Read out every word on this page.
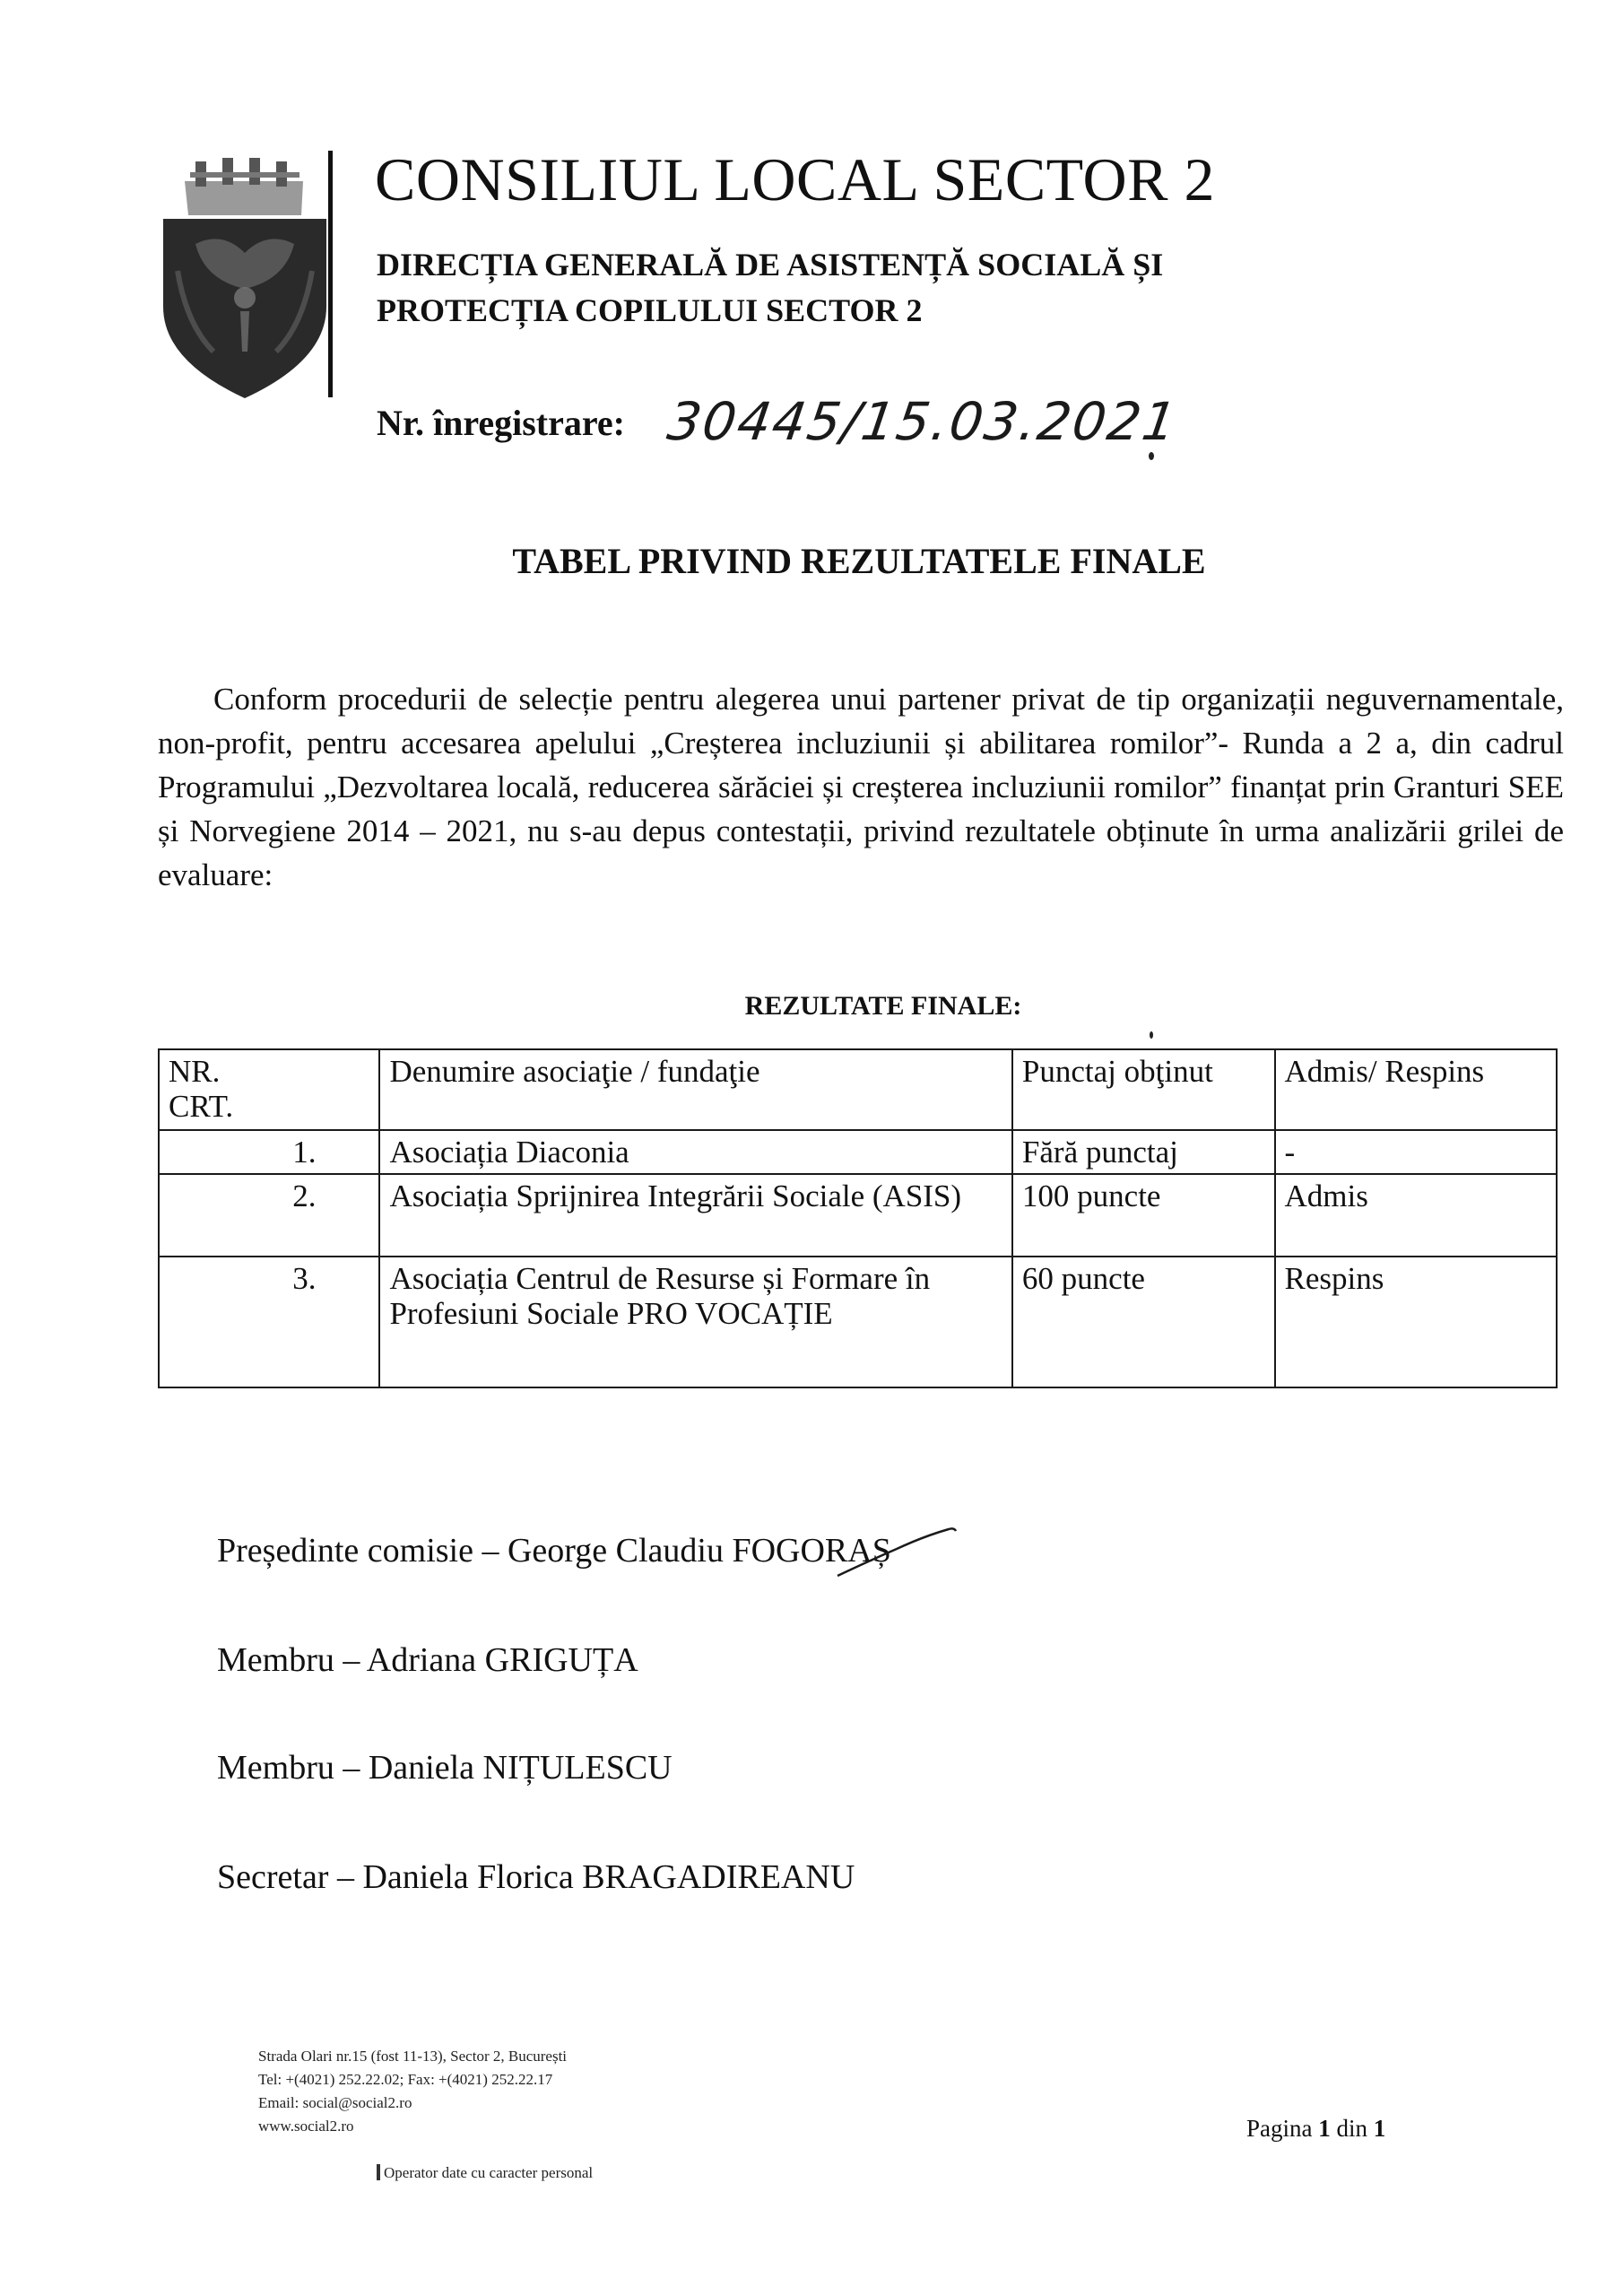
CONSILIUL LOCAL SECTOR 2
DIRECȚIA GENERALĂ DE ASISTENȚĂ SOCIALĂ ȘI
PROTECȚIA COPILULUI SECTOR 2
Nr. înregistrare: 30445/15.03.2021
TABEL PRIVIND REZULTATELE FINALE
Conform procedurii de selecție pentru alegerea unui partener privat de tip organizații neguvernamentale, non-profit, pentru accesarea apelului „Creșterea incluziunii și abilitarea romilor”- Runda a 2 a, din cadrul Programului „Dezvoltarea locală, reducerea sărăciei și creșterea incluziunii romilor” finanțat prin Granturi SEE și Norvegiene 2014 – 2021, nu s-au depus contestații, privind rezultatele obținute în urma analizării grilei de evaluare:
REZULTATE FINALE:
NR.
CRT.	Denumire asociaţie / fundaţie	Punctaj obţinut	Admis/ Respins
1.	Asociația Diaconia	Fără punctaj	-
2.	Asociația Sprijnirea Integrării Sociale (ASIS)	100 puncte	Admis
3.	Asociația Centrul de Resurse și Formare în Profesiuni Sociale PRO VOCAȚIE	60 puncte	Respins
Președinte comisie – George Claudiu FOGORAȘ
Membru – Adriana GRIGUȚA
Membru – Daniela NIȚULESCU
Secretar – Daniela Florica BRAGADIREANU
Strada Olari nr.15 (fost 11-13), Sector 2, București
Tel: +(4021) 252.22.02; Fax: +(4021) 252.22.17
Email: social@social2.ro
www.social2.ro
Operator date cu caracter personal
Pagina 1 din 1
